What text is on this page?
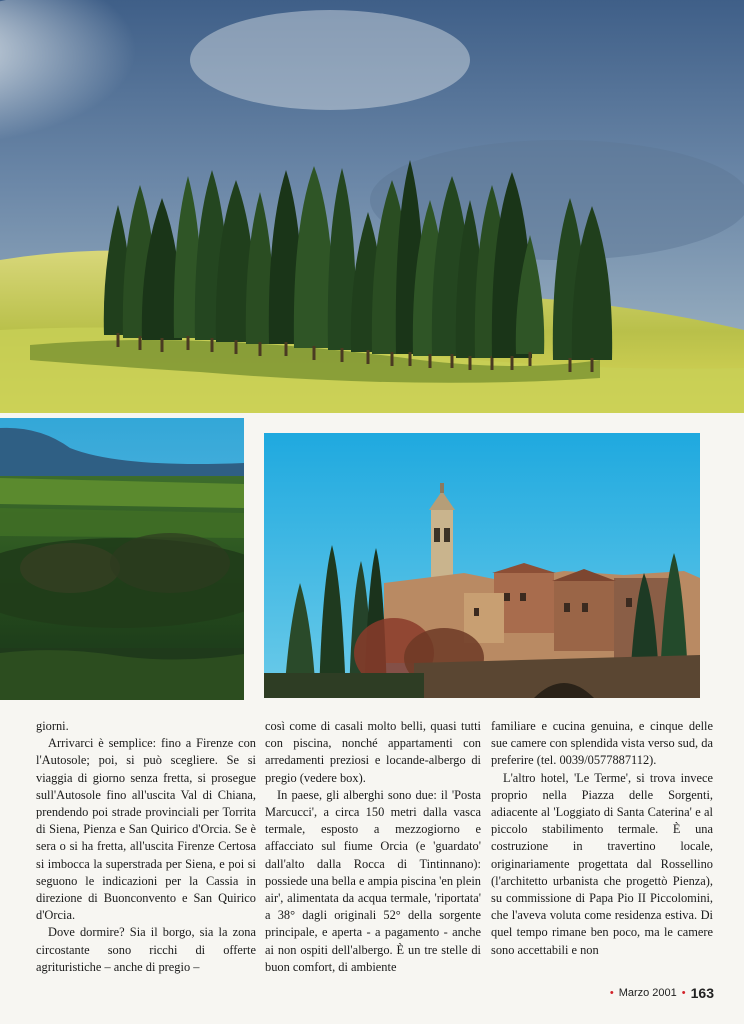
giorni.

Arrivarci è semplice: fino a Firenze con l'Autosole; poi, si può scegliere. Se si viaggia di giorno senza fretta, si prosegue sull'Autosole fino all'uscita Val di Chiana, prendendo poi strade provinciali per Torrita di Siena, Pienza e San Quirico d'Orcia. Se è sera o si ha fretta, all'uscita Firenze Certosa si imbocca la superstrada per Siena, e poi si seguono le indicazioni per la Cassia in direzione di Buonconvento e San Quirico d'Orcia.

Dove dormire? Sia il borgo, sia la zona circostante sono ricchi di offerte agrituristiche – anche di pregio –

così come di casali molto belli, quasi tutti con piscina, nonché appartamenti con arredamenti preziosi e locande-albergo di pregio (vedere box).

In paese, gli alberghi sono due: il 'Posta Marcucci', a circa 150 metri dalla vasca termale, esposto a mezzogiorno e affacciato sul fiume Orcia (e 'guardato' dall'alto dalla Rocca di Tintinnano): possiede una bella e ampia piscina 'en plein air', alimentata da acqua termale, 'riportata' a 38° dagli originali 52° della sorgente principale, e aperta - a pagamento - anche ai non ospiti dell'albergo. È un tre stelle di buon comfort, di ambiente

familiare e cucina genuina, e cinque delle sue camere con splendida vista verso sud, da preferire (tel. 0039/0577887112).

L'altro hotel, 'Le Terme', si trova invece proprio nella Piazza delle Sorgenti, adiacente al 'Loggiato di Santa Caterina' e al piccolo stabilimento termale. È una costruzione in travertino locale, originariamente progettata dal Rossellino (l'architetto urbanista che progettò Pienza), su commissione di Papa Pio II Piccolomini, che l'aveva voluta come residenza estiva. Di quel tempo rimane ben poco, ma le camere sono accettabili e non

• Marzo 2001 • 163
